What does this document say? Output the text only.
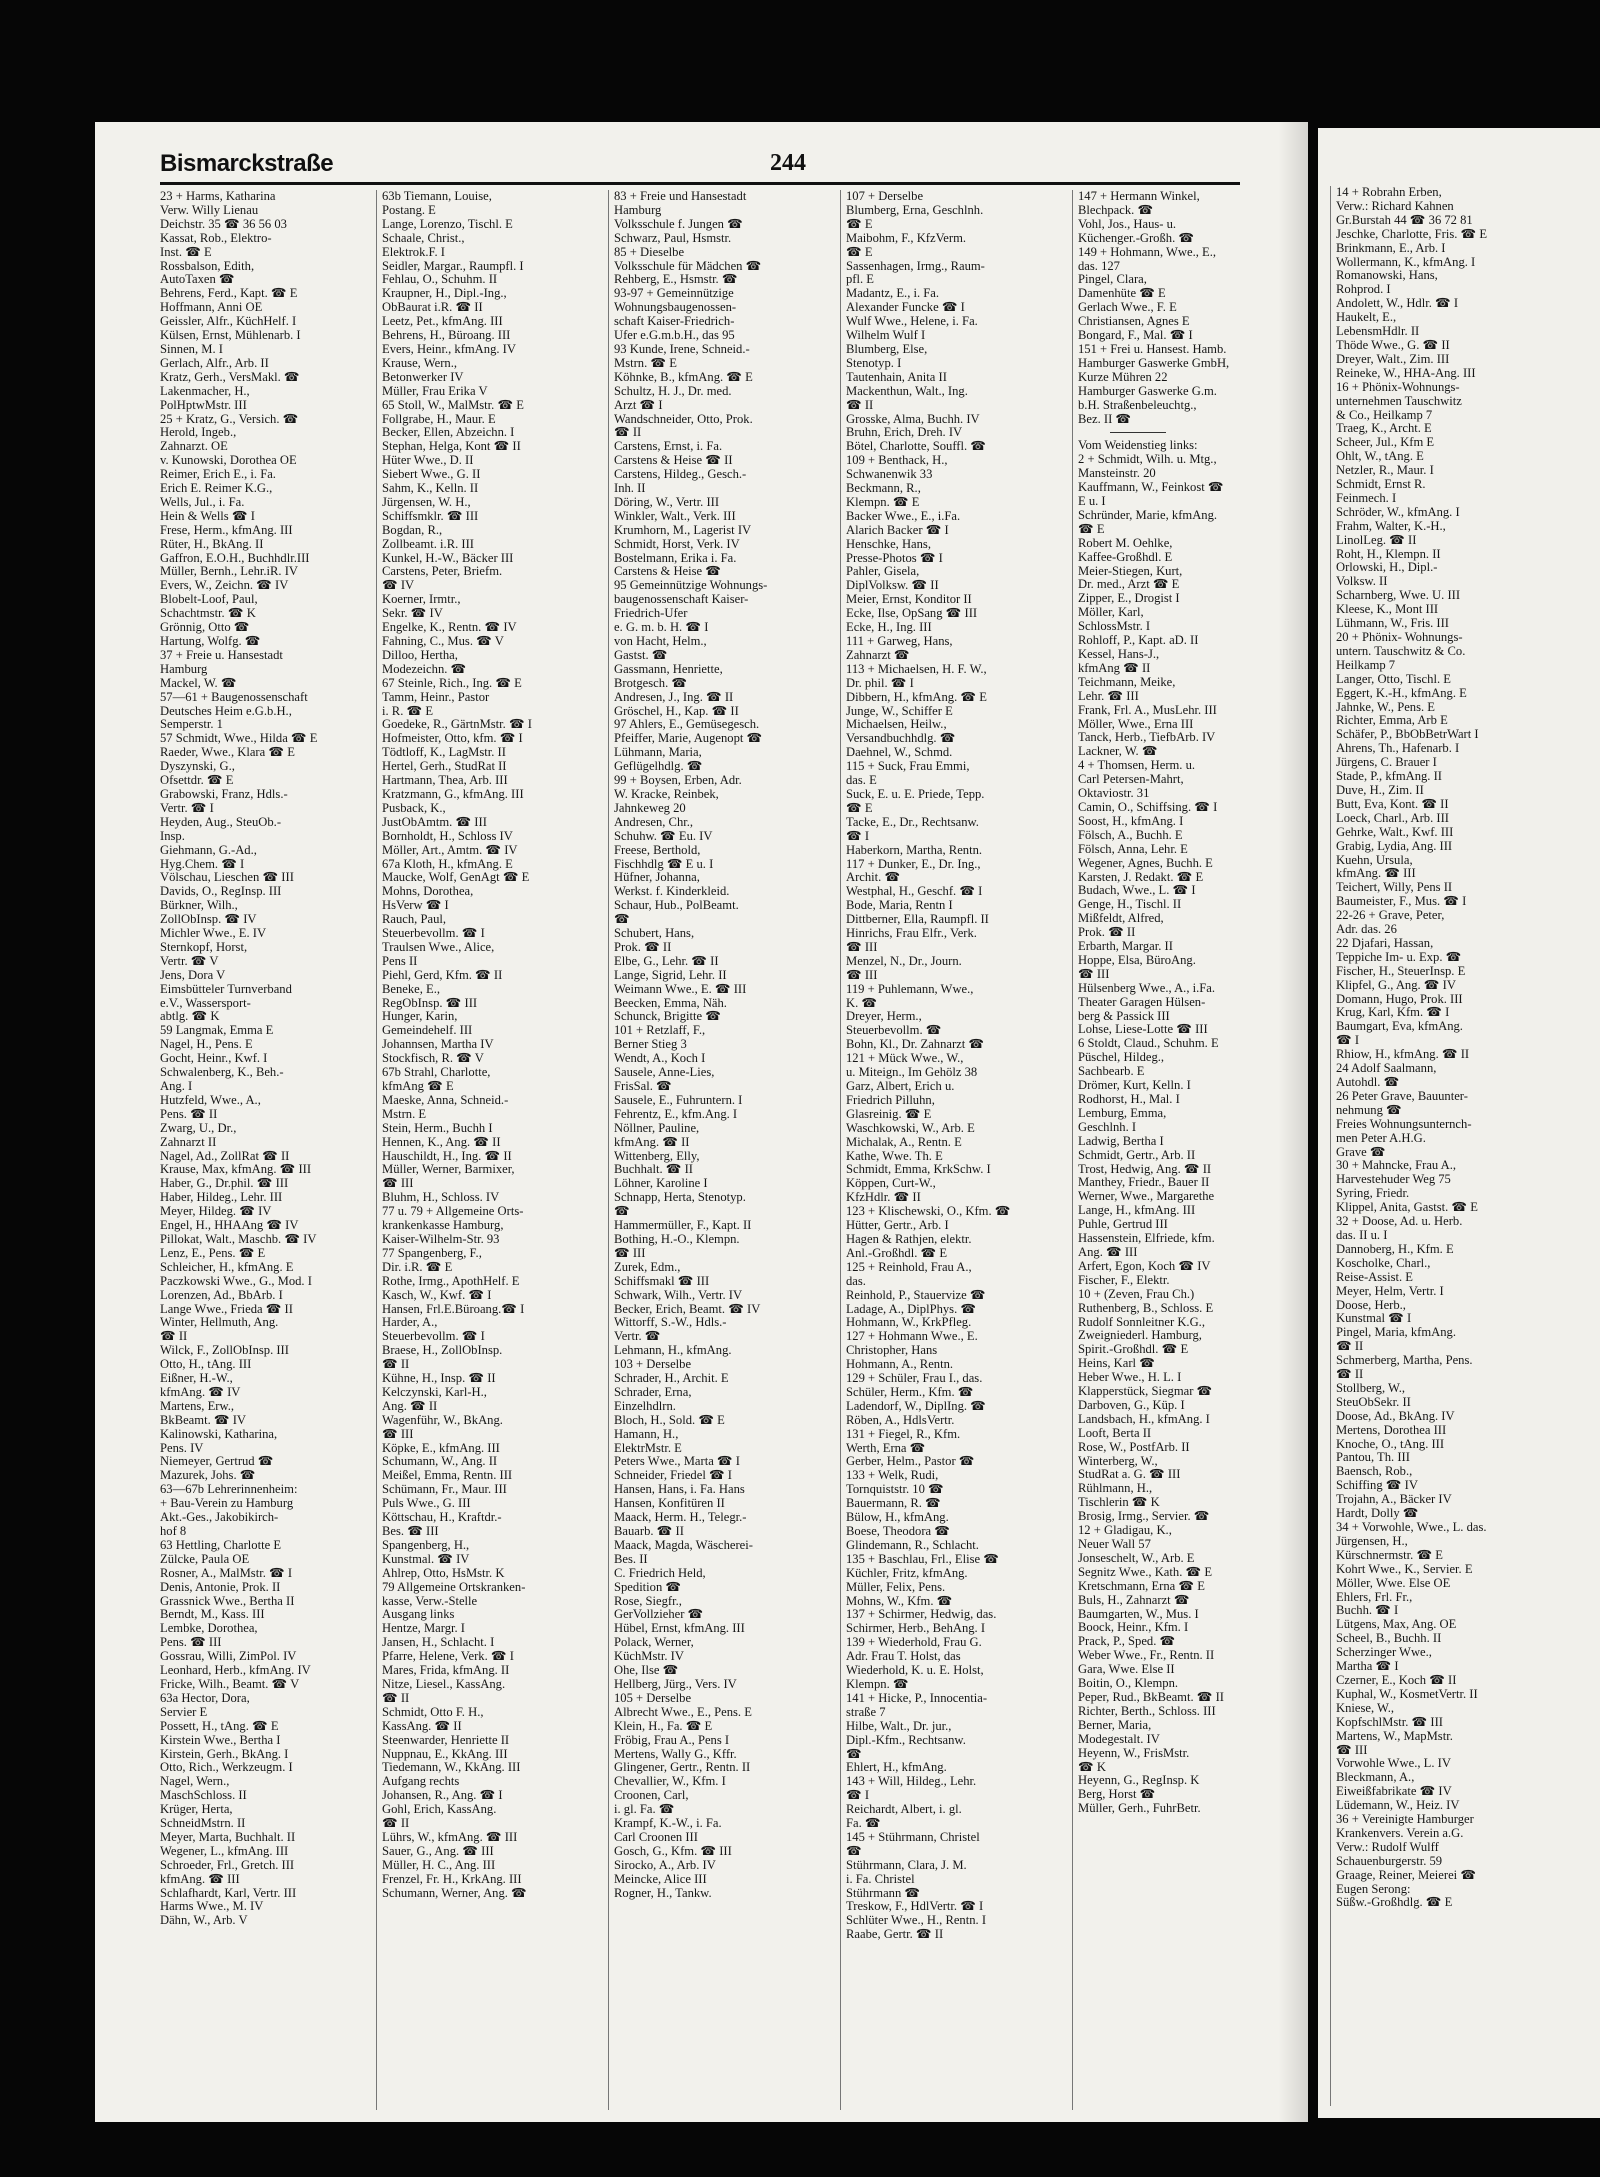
Bismarckstraße	244
23 + Harms, Katharina
Verw. Willy Lienau
Deichstr. 35 ☎ 36 56 03
Kassat, Rob., Elektro-
Inst. ☎ E
Rossbalson, Edith,
AutoTaxen ☎
Behrens, Ferd., Kapt. ☎ E
Hoffmann, Anni OE
Geissler, Alfr., KüchHelf. I
Külsen, Ernst, Mühlenarb. I
Sinnen, M. I
Gerlach, Alfr., Arb. II
Kratz, Gerh., VersMakl. ☎
Lakenmacher, H.,
PolHptwMstr. III
25 + Kratz, G., Versich. ☎
Herold, Ingeb.,
Zahnarzt. OE
v. Kunowski, Dorothea OE
Reimer, Erich E., i. Fa.
Erich E. Reimer K.G.,
Wells, Jul., i. Fa.
Hein & Wells ☎ I
Frese, Herm., kfmAng. III
Rüter, H., BkAng. II
Gaffron, E.O.H., Buchhdlr.III
Müller, Bernh., Lehr.iR. IV
Evers, W., Zeichn. ☎ IV
Blobelt-Loof, Paul,
Schachtmstr. ☎ K
Grönnig, Otto ☎
Hartung, Wolfg. ☎
37 + Freie u. Hansestadt
Hamburg
Mackel, W. ☎
57—61 + Baugenossenschaft
Deutsches Heim e.G.b.H.,
Semperstr. 1
57 Schmidt, Wwe., Hilda ☎ E
Raeder, Wwe., Klara ☎ E
Dyszynski, G.,
Ofsettdr. ☎ E
Grabowski, Franz, Hdls.-
Vertr. ☎ I
Heyden, Aug., SteuOb.-
Insp.
Giehmann, G.-Ad.,
Hyg.Chem. ☎ I
Völschau, Lieschen ☎ III
Davids, O., RegInsp. III
Bürkner, Wilh.,
ZollObInsp. ☎ IV
Michler Wwe., E. IV
Sternkopf, Horst,
Vertr. ☎ V
Jens, Dora V
Eimsbütteler Turnverband
e.V., Wassersport-
abtlg. ☎ K
59 Langmak, Emma E
Nagel, H., Pens. E
Gocht, Heinr., Kwf. I
Schwalenberg, K., Beh.-
Ang. I
Hutzfeld, Wwe., A.,
Pens. ☎ II
Zwarg, U., Dr.,
Zahnarzt II
Nagel, Ad., ZollRat ☎ II
Krause, Max, kfmAng. ☎ III
Haber, G., Dr.phil. ☎ III
Haber, Hildeg., Lehr. III
Meyer, Hildeg. ☎ IV
Engel, H., HHAAng ☎ IV
Pillokat, Walt., Maschb. ☎ IV
Lenz, E., Pens. ☎ E
Schleicher, H., kfmAng. E
Paczkowski Wwe., G., Mod. I
Lorenzen, Ad., BbArb. I
Lange Wwe., Frieda ☎ II
Winter, Hellmuth, Ang.
☎ II
Wilck, F., ZollObInsp. III
Otto, H., tAng. III
Eißner, H.-W.,
kfmAng. ☎ IV
Martens, Erw.,
BkBeamt. ☎ IV
Kalinowski, Katharina,
Pens. IV
Niemeyer, Gertrud ☎
Mazurek, Johs. ☎
63—67b Lehrerinnenheim:
+ Bau-Verein zu Hamburg
Akt.-Ges., Jakobikirch-
hof 8
63 Hettling, Charlotte E
Zülcke, Paula OE
Rosner, A., MalMstr. ☎ I
Denis, Antonie, Prok. II
Grassnick Wwe., Bertha II
Berndt, M., Kass. III
Lembke, Dorothea,
Pens. ☎ III
Gossrau, Willi, ZimPol. IV
Leonhard, Herb., kfmAng. IV
Fricke, Wilh., Beamt. ☎ V
63a Hector, Dora,
Servier E
Possett, H., tAng. ☎ E
Kirstein Wwe., Bertha I
Kirstein, Gerh., BkAng. I
Otto, Rich., Werkzeugm. I
Nagel, Wern.,
MaschSchloss. II
Krüger, Herta,
SchneidMstrn. II
Meyer, Marta, Buchhalt. II
Wegener, L., kfmAng. III
Schroeder, Frl., Gretch. III
kfmAng. ☎ III
Schlafhardt, Karl, Vertr. III
Harms Wwe., M. IV
Dähn, W., Arb. V
63b Tiemann, Louise,
Postang. E
Lange, Lorenzo, Tischl. E
Schaale, Christ.,
Elektrok.F. I
Seidler, Margar., Raumpfl. I
Fehlau, O., Schuhm. II
Kraupner, H., Dipl.-Ing.,
ObBaurat i.R. ☎ II
Leetz, Pet., kfmAng. III
Behrens, H., Büroang. III
Evers, Heinr., kfmAng. IV
Krause, Wern.,
Betonwerker IV
Müller, Frau Erika V
65 Stoll, W., MalMstr. ☎ E
Follgrabe, H., Maur. E
Becker, Ellen, Abzeichn. I
Stephan, Helga, Kont ☎ II
Hüter Wwe., D. II
Siebert Wwe., G. II
Sahm, K., Kelln. II
Jürgensen, W. H.,
Schiffsmklr. ☎ III
Bogdan, R.,
Zollbeamt. i.R. III
Kunkel, H.-W., Bäcker III
Carstens, Peter, Briefm.
☎ IV
Koerner, Irmtr.,
Sekr. ☎ IV
Engelke, K., Rentn. ☎ IV
Fahning, C., Mus. ☎ V
Dilloo, Hertha,
Modezeichn. ☎
67 Steinle, Rich., Ing. ☎ E
Tamm, Heinr., Pastor
i. R. ☎ E
Goedeke, R., GärtnMstr. ☎ I
Hofmeister, Otto, kfm. ☎ I
Tödtloff, K., LagMstr. II
Hertel, Gerh., StudRat II
Hartmann, Thea, Arb. III
Kratzmann, G., kfmAng. III
Pusback, K.,
JustObAmtm. ☎ III
Bornholdt, H., Schloss IV
Möller, Art., Amtm. ☎ IV
67a Kloth, H., kfmAng. E
Maucke, Wolf, GenAgt ☎ E
Mohns, Dorothea,
HsVerw ☎ I
Rauch, Paul,
Steuerbevollm. ☎ I
Traulsen Wwe., Alice,
Pens II
Piehl, Gerd, Kfm. ☎ II
Beneke, E.,
RegObInsp. ☎ III
Hunger, Karin,
Gemeindehelf. III
Johannsen, Martha IV
Stockfisch, R. ☎ V
67b Strahl, Charlotte,
kfmAng ☎ E
Maeske, Anna, Schneid.-
Mstrn. E
Stein, Herm., Buchh I
Hennen, K., Ang. ☎ II
Hauschildt, H., Ing. ☎ II
Müller, Werner, Barmixer,
☎ III
Bluhm, H., Schloss. IV
77 u. 79 + Allgemeine Orts-
krankenkasse Hamburg,
Kaiser-Wilhelm-Str. 93
77 Spangenberg, F.,
Dir. i.R. ☎ E
Rothe, Irmg., ApothHelf. E
Kasch, W., Kwf. ☎ I
Hansen, Frl.E.Büroang.☎ I
Harder, A.,
Steuerbevollm. ☎ I
Braese, H., ZollObInsp.
☎ II
Kühne, H., Insp. ☎ II
Kelczynski, Karl-H.,
Ang. ☎ II
Wagenführ, W., BkAng.
☎ III
Köpke, E., kfmAng. III
Schumann, W., Ang. II
Meißel, Emma, Rentn. III
Schümann, Fr., Maur. III
Puls Wwe., G. III
Köttschau, H., Kraftdr.-
Bes. ☎ III
Spangenberg, H.,
Kunstmal. ☎ IV
Ahlrep, Otto, HsMstr. K
79 Allgemeine Ortskranken-
kasse, Verw.-Stelle
Ausgang links
Hentze, Margr. I
Jansen, H., Schlacht. I
Pfarre, Helene, Verk. ☎ I
Mares, Frida, kfmAng. II
Nitze, Liesel., KassAng.
☎ II
Schmidt, Otto F. H.,
KassAng. ☎ II
Steenwarder, Henriette II
Nuppnau, E., KkAng. III
Tiedemann, W., KkAng. III
Aufgang rechts
Johansen, R., Ang. ☎ I
Gohl, Erich, KassAng.
☎ II
Lührs, W., kfmAng. ☎ III
Sauer, G., Ang. ☎ III
Müller, H. C., Ang. III
Frenzel, Fr. H., KrkAng. III
Schumann, Werner, Ang. ☎
83 + Freie und Hansestadt
Hamburg
Volksschule f. Jungen ☎
Schwarz, Paul, Hsmstr.
85 + Dieselbe
Volksschule für Mädchen ☎
Rehberg, E., Hsmstr. ☎
93-97 + Gemeinnützige
Wohnungsbaugenossen-
schaft Kaiser-Friedrich-
Ufer e.G.m.b.H., das 95
93 Kunde, Irene, Schneid.-
Mstrn. ☎ E
Köhnke, B., kfmAng. ☎ E
Schultz, H. J., Dr. med.
Arzt ☎ I
Wandschneider, Otto, Prok.
☎ II
Carstens, Ernst, i. Fa.
Carstens & Heise ☎ II
Carstens, Hildeg., Gesch.-
Inh. II
Döring, W., Vertr. III
Winkler, Walt., Verk. III
Krumhorn, M., Lagerist IV
Schmidt, Horst, Verk. IV
Bostelmann, Erika i. Fa.
Carstens & Heise ☎
95 Gemeinnützige Wohnungs-
baugenossenschaft Kaiser-
Friedrich-Ufer
e. G. m. b. H. ☎ I
von Hacht, Helm.,
Gastst. ☎
Gassmann, Henriette,
Brotgesch. ☎
Andresen, J., Ing. ☎ II
Gröschel, H., Kap. ☎ II
97 Ahlers, E., Gemüsegesch.
Pfeiffer, Marie, Augenopt ☎
Lühmann, Maria,
Geflügelhdlg. ☎
99 + Boysen, Erben, Adr.
W. Kracke, Reinbek,
Jahnkeweg 20
Andresen, Chr.,
Schuhw. ☎ Eu. IV
Freese, Berthold,
Fischhdlg ☎ E u. I
Hüfner, Johanna,
Werkst. f. Kinderkleid.
Schaur, Hub., PolBeamt.
☎
Schubert, Hans,
Prok. ☎ II
Elbe, G., Lehr. ☎ II
Lange, Sigrid, Lehr. II
Weimann Wwe., E. ☎ III
Beecken, Emma, Näh.
Schunck, Brigitte ☎
101 + Retzlaff, F.,
Berner Stieg 3
Wendt, A., Koch I
Sausele, Anne-Lies,
FrisSal. ☎
Sausele, E., Fuhruntern. I
Fehrentz, E., kfm.Ang. I
Nöllner, Pauline,
kfmAng. ☎ II
Wittenberg, Elly,
Buchhalt. ☎ II
Löhner, Karoline I
Schnapp, Herta, Stenotyp.
☎
Hammermüller, F., Kapt. II
Bothing, H.-O., Klempn.
☎ III
Zurek, Edm.,
Schiffsmakl ☎ III
Schwark, Wilh., Vertr. IV
Becker, Erich, Beamt. ☎ IV
Wittorff, S.-W., Hdls.-
Vertr. ☎
Lehmann, H., kfmAng.
103 + Derselbe
Schrader, H., Archit. E
Schrader, Erna,
Einzelhdlrn.
Bloch, H., Sold. ☎ E
Hamann, H.,
ElektrMstr. E
Peters Wwe., Marta ☎ I
Schneider, Friedel ☎ I
Hansen, Hans, i. Fa. Hans
Hansen, Konfitüren II
Maack, Herm. H., Telegr.-
Bauarb. ☎ II
Maack, Magda, Wäscherei-
Bes. II
C. Friedrich Held,
Spedition ☎
Rose, Siegfr.,
GerVollzieher ☎
Hübel, Ernst, kfmAng. III
Polack, Werner,
KüchMstr. IV
Ohe, Ilse ☎
Hellberg, Jürg., Vers. IV
105 + Derselbe
Albrecht Wwe., E., Pens. E
Klein, H., Fa. ☎ E
Fröbig, Frau A., Pens I
Mertens, Wally G., Kffr.
Glingener, Gertr., Rentn. II
Chevallier, W., Kfm. I
Croonen, Carl,
i. gl. Fa. ☎
Krampf, K.-W., i. Fa.
Carl Croonen III
Gosch, G., Kfm. ☎ III
Sirocko, A., Arb. IV
Meincke, Alice III
Rogner, H., Tankw.
107 + Derselbe
Blumberg, Erna, Geschlnh.
☎ E
Maibohm, F., KfzVerm.
☎ E
Sassenhagen, Irmg., Raum-
pfl. E
Madantz, E., i. Fa.
Alexander Funcke ☎ I
Wulf Wwe., Helene, i. Fa.
Wilhelm Wulf I
Blumberg, Else,
Stenotyp. I
Tautenhain, Anita II
Mackenthun, Walt., Ing.
☎ II
Grosske, Alma, Buchh. IV
Bruhn, Erich, Dreh. IV
Bötel, Charlotte, Souffl. ☎
109 + Benthack, H.,
Schwanenwik 33
Beckmann, R.,
Klempn. ☎ E
Backer Wwe., E., i.Fa.
Alarich Backer ☎ I
Henschke, Hans,
Presse-Photos ☎ I
Pahler, Gisela,
DiplVolksw. ☎ II
Meier, Ernst, Konditor II
Ecke, Ilse, OpSang ☎ III
Ecke, H., Ing. III
111 + Garweg, Hans,
Zahnarzt ☎
113 + Michaelsen, H. F. W.,
Dr. phil. ☎ I
Dibbern, H., kfmAng. ☎ E
Junge, W., Schiffer E
Michaelsen, Heilw.,
Versandbuchhdlg. ☎
Daehnel, W., Schmd.
115 + Suck, Frau Emmi,
das. E
Suck, E. u. E. Priede, Tepp.
☎ E
Tacke, E., Dr., Rechtsanw.
☎ I
Haberkorn, Martha, Rentn.
117 + Dunker, E., Dr. Ing.,
Archit. ☎
Westphal, H., Geschf. ☎ I
Bode, Maria, Rentn I
Dittberner, Ella, Raumpfl. II
Hinrichs, Frau Elfr., Verk.
☎ III
Menzel, N., Dr., Journ.
☎ III
119 + Puhlemann, Wwe.,
K. ☎
Dreyer, Herm.,
Steuerbevollm. ☎
Bohn, Kl., Dr. Zahnarzt ☎
121 + Mück Wwe., W.,
u. Miteign., Im Gehölz 38
Garz, Albert, Erich u.
Friedrich Pilluhn,
Glasreinig. ☎ E
Waschkowski, W., Arb. E
Michalak, A., Rentn. E
Kathe, Wwe. Th. E
Schmidt, Emma, KrkSchw. I
Köppen, Curt-W.,
KfzHdlr. ☎ II
123 + Klischewski, O., Kfm. ☎
Hütter, Gertr., Arb. I
Hagen & Rathjen, elektr.
Anl.-Großhdl. ☎ E
125 + Reinhold, Frau A.,
das.
Reinhold, P., Stauervize ☎
Ladage, A., DiplPhys. ☎
Hohmann, W., KrkPfleg.
127 + Hohmann Wwe., E.
Christopher, Hans
Hohmann, A., Rentn.
129 + Schüler, Frau I., das.
Schüler, Herm., Kfm. ☎
Ladendorf, W., DiplIng. ☎
Röben, A., HdlsVertr.
131 + Fiegel, R., Kfm.
Werth, Erna ☎
Gerber, Helm., Pastor ☎
133 + Welk, Rudi,
Tornquiststr. 10 ☎
Bauermann, R. ☎
Bülow, H., kfmAng.
Boese, Theodora ☎
Glindemann, R., Schlacht.
135 + Baschlau, Frl., Elise ☎
Küchler, Fritz, kfmAng.
Müller, Felix, Pens.
Mohns, W., Kfm. ☎
137 + Schirmer, Hedwig, das.
Schirmer, Herb., BehAng. I
139 + Wiederhold, Frau G.
Adr. Frau T. Holst, das
Wiederhold, K. u. E. Holst,
Klempn. ☎
141 + Hicke, P., Innocentia-
straße 7
Hilbe, Walt., Dr. jur.,
Dipl.-Kfm., Rechtsanw.
☎
Ehlert, H., kfmAng.
143 + Will, Hildeg., Lehr.
☎ I
Reichardt, Albert, i. gl.
Fa. ☎
145 + Stührmann, Christel
☎
Stührmann, Clara, J. M.
i. Fa. Christel
Stührmann ☎
Treskow, F., HdlVertr. ☎ I
Schlüter Wwe., H., Rentn. I
Raabe, Gertr. ☎ II
147 + Hermann Winkel,
Blechpack. ☎
Vohl, Jos., Haus- u.
Küchenger.-Großh. ☎
149 + Hohmann, Wwe., E.,
das. 127
Pingel, Clara,
Damenhüte ☎ E
Gerlach Wwe., F. E
Christiansen, Agnes E
Bongard, F., Mal. ☎ I
151 + Frei u. Hansest. Hamb.
Hamburger Gaswerke GmbH,
Kurze Mühren 22
Hamburger Gaswerke G.m.
b.H. Straßenbeleuchtg.,
Bez. II ☎
Vom Weidenstieg links:
2 + Schmidt, Wilh. u. Mtg.,
Mansteinstr. 20
Kauffmann, W., Feinkost ☎
E u. I
Schründer, Marie, kfmAng.
☎ E
Robert M. Oehlke,
Kaffee-Großhdl. E
Meier-Stiegen, Kurt,
Dr. med., Arzt ☎ E
Zipper, E., Drogist I
Möller, Karl,
SchlossMstr. I
Rohloff, P., Kapt. aD. II
Kessel, Hans-J.,
kfmAng ☎ II
Teichmann, Meike,
Lehr. ☎ III
Frank, Frl. A., MusLehr. III
Möller, Wwe., Erna III
Tanck, Herb., TiefbArb. IV
Lackner, W. ☎
4 + Thomsen, Herm. u.
Carl Petersen-Mahrt,
Oktaviostr. 31
Camin, O., Schiffsing. ☎ I
Soost, H., kfmAng. I
Fölsch, A., Buchh. E
Fölsch, Anna, Lehr. E
Wegener, Agnes, Buchh. E
Karsten, J. Redakt. ☎ E
Budach, Wwe., L. ☎ I
Genge, H., Tischl. II
Mißfeldt, Alfred,
Prok. ☎ II
Erbarth, Margar. II
Hoppe, Elsa, BüroAng.
☎ III
Hülsenberg Wwe., A., i.Fa.
Theater Garagen Hülsen-
berg & Passick III
Lohse, Liese-Lotte ☎ III
6 Stoldt, Claud., Schuhm. E
Püschel, Hildeg.,
Sachbearb. E
Drömer, Kurt, Kelln. I
Rodhorst, H., Mal. I
Lemburg, Emma,
Geschlnh. I
Ladwig, Bertha I
Schmidt, Gertr., Arb. II
Trost, Hedwig, Ang. ☎ II
Manthey, Friedr., Bauer II
Werner, Wwe., Margarethe
Lange, H., kfmAng. III
Puhle, Gertrud III
Hassenstein, Elfriede, kfm.
Ang. ☎ III
Arfert, Egon, Koch ☎ IV
Fischer, F., Elektr.
10 + (Zeven, Frau Ch.)
Ruthenberg, B., Schloss. E
Rudolf Sonnleitner K.G.,
Zweigniederl. Hamburg,
Spirit.-Großhdl. ☎ E
Heins, Karl ☎
Heber Wwe., H. L. I
Klapperstück, Siegmar ☎
Darboven, G., Küp. I
Landsbach, H., kfmAng. I
Looft, Berta II
Rose, W., PostfArb. II
Winterberg, W.,
StudRat a. G. ☎ III
Rühlmann, H.,
Tischlerin ☎ K
Brosig, Irmg., Servier. ☎
12 + Gladigau, K.,
Neuer Wall 57
Jonseschelt, W., Arb. E
Segnitz Wwe., Kath. ☎ E
Kretschmann, Erna ☎ E
Buls, H., Zahnarzt ☎
Baumgarten, W., Mus. I
Boock, Heinr., Kfm. I
Prack, P., Sped. ☎
Weber Wwe., Fr., Rentn. II
Gara, Wwe. Else II
Boitin, O., Klempn.
Peper, Rud., BkBeamt. ☎ II
Richter, Berth., Schloss. III
Berner, Maria,
Modegestalt. IV
Heyenn, W., FrisMstr.
☎ K
Heyenn, G., RegInsp. K
Berg, Horst ☎
Müller, Gerh., FuhrBetr.
14 + Robrahn Erben,
Verw.: Richard Kahnen
Gr.Burstah 44 ☎ 36 72 81
Jeschke, Charlotte, Fris. ☎ E
Brinkmann, E., Arb. I
Wollermann, K., kfmAng. I
Romanowski, Hans,
Rohprod. I
Andolett, W., Hdlr. ☎ I
Haukelt, E.,
LebensmHdlr. II
Thöde Wwe., G. ☎ II
Dreyer, Walt., Zim. III
Reineke, W., HHA-Ang. III
16 + Phönix-Wohnungs-
unternehmen Tauschwitz
& Co., Heilkamp 7
Traeg, K., Archt. E
Scheer, Jul., Kfm E
Ohlt, W., tAng. E
Netzler, R., Maur. I
Schmidt, Ernst R.
Feinmech. I
Schröder, W., kfmAng. I
Frahm, Walter, K.-H.,
LinolLeg. ☎ II
Roht, H., Klempn. II
Orlowski, H., Dipl.-
Volksw. II
Scharnberg, Wwe. U. III
Kleese, K., Mont III
Lühmann, W., Fris. III
20 + Phönix- Wohnungs-
untern. Tauschwitz & Co.
Heilkamp 7
Langer, Otto, Tischl. E
Eggert, K.-H., kfmAng. E
Jahnke, W., Pens. E
Richter, Emma, Arb E
Schäfer, P., BbObBetrWart I
Ahrens, Th., Hafenarb. I
Jürgens, C. Brauer I
Stade, P., kfmAng. II
Duve, H., Zim. II
Butt, Eva, Kont. ☎ II
Loeck, Charl., Arb. III
Gehrke, Walt., Kwf. III
Grabig, Lydia, Ang. III
Kuehn, Ursula,
kfmAng. ☎ III
Teichert, Willy, Pens II
Baumeister, F., Mus. ☎ I
22-26 + Grave, Peter,
Adr. das. 26
22 Djafari, Hassan,
Teppiche Im- u. Exp. ☎
Fischer, H., SteuerInsp. E
Klipfel, G., Ang. ☎ IV
Domann, Hugo, Prok. III
Krug, Karl, Kfm. ☎ I
Baumgart, Eva, kfmAng.
☎ I
Rhiow, H., kfmAng. ☎ II
24 Adolf Saalmann,
Autohdl. ☎
26 Peter Grave, Bauunter-
nehmung ☎
Freies Wohnungsunternch-
men Peter A.H.G.
Grave ☎
30 + Mahncke, Frau A.,
Harvestehuder Weg 75
Syring, Friedr.
Klippel, Anita, Gastst. ☎ E
32 + Doose, Ad. u. Herb.
das. II u. I
Dannoberg, H., Kfm. E
Koscholke, Charl.,
Reise-Assist. E
Meyer, Helm, Vertr. I
Doose, Herb.,
Kunstmal ☎ I
Pingel, Maria, kfmAng.
☎ II
Schmerberg, Martha, Pens.
☎ II
Stollberg, W.,
SteuObSekr. II
Doose, Ad., BkAng. IV
Mertens, Dorothea III
Knoche, O., tAng. III
Pantou, Th. III
Baensch, Rob.,
Schiffing ☎ IV
Trojahn, A., Bäcker IV
Hardt, Dolly ☎
34 + Vorwohle, Wwe., L. das.
Jürgensen, H.,
Kürschnermstr. ☎ E
Kohrt Wwe., K., Servier. E
Möller, Wwe. Else OE
Ehlers, Frl. Fr.,
Buchh. ☎ I
Lütgens, Max, Ang. OE
Scheel, B., Buchh. II
Scherzinger Wwe.,
Martha ☎ I
Czerner, E., Koch ☎ II
Kuphal, W., KosmetVertr. II
Kniese, W.,
KopfschlMstr. ☎ III
Martens, W., MapMstr.
☎ III
Vorwohle Wwe., L. IV
Bleckmann, A.,
Eiweißfabrikate ☎ IV
Lüdemann, W., Heiz. IV
36 + Vereinigte Hamburger
Krankenvers. Verein a.G.
Verw.: Rudolf Wulff
Schauenburgerstr. 59
Graage, Reiner, Meierei ☎
Eugen Serong:
Süßw.-Großhdlg. ☎ E
